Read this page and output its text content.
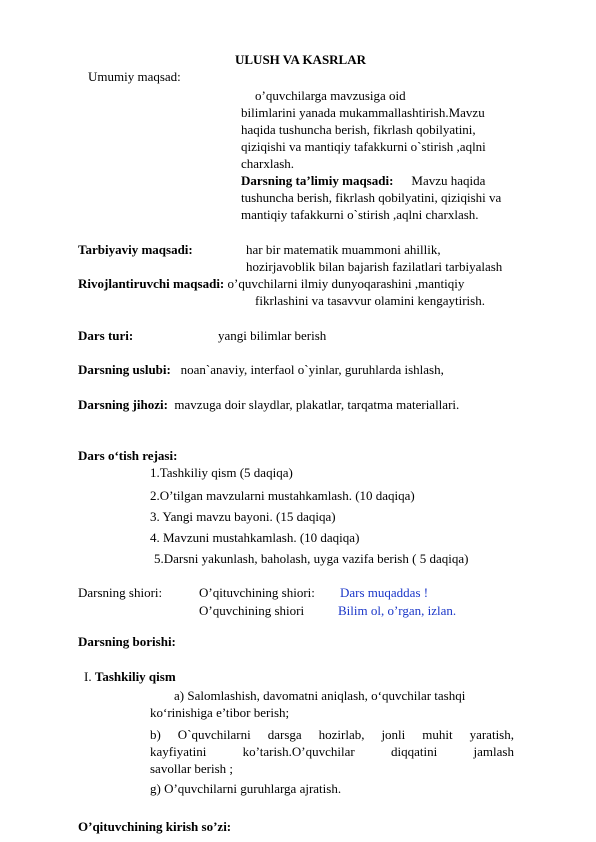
ULUSH VA KASRLAR
Umumiy maqsad:
o’quvchilarga mavzusiga oid
bilimlarini yanada mukammallashtirish.Mavzu
haqida tushuncha berish, fikrlash qobilyatini,
qiziqishi va mantiqiy tafakkurni o`stirish ,aqlni
charxlash.
Darsning ta’limiy maqsadi: Mavzu haqida
tushuncha berish, fikrlash qobilyatini, qiziqishi va
mantiqiy tafakkurni o`stirish ,aqlni charxlash.
Tarbiyaviy maqsadi:	har bir matematik muammoni ahillik,
hozirjavoblik bilan bajarish fazilatlari tarbiyalash
Rivojlantiruvchi maqsadi: o’quvchilarni ilmiy dunyoqarashini ,mantiqiy
fikrlashini va tasavvur olamini kengaytirish.
Dars turi:	yangi bilimlar berish
Darsning uslubi: noan`anaviy, interfaol o`yinlar, guruhlarda ishlash,
Darsning jihozi: mavzuga doir slaydlar, plakatlar, tarqatma materiallari.
Dars o‘tish rejasi:
1.Tashkiliy qism (5 daqiqa)
2.O’tilgan mavzularni mustahkamlash. (10 daqiqa)
3. Yangi mavzu bayoni. (15 daqiqa)
4. Mavzuni mustahkamlash. (10 daqiqa)
5.Darsni yakunlash, baholash, uyga vazifa berish ( 5 daqiqa)
Darsning shiori:	O’qituvchining shiori: Dars muqaddas !
O’quvchining shiori	Bilim ol, o’rgan, izlan.
Darsning borishi:
I. Tashkiliy qism
a) Salomlashish, davomatni aniqlash, o‘quvchilar tashqi
ko‘rinishiga e’tibor berish;
b) O`quvchilarni darsga hozirlab, jonli muhit yaratish,
kayfiyatini ko’tarish.O’quvchilar diqqatini jamlash
savollar berish ;
g) O’quvchilarni guruhlarga ajratish.
O’qituvchining kirish so’zi:
